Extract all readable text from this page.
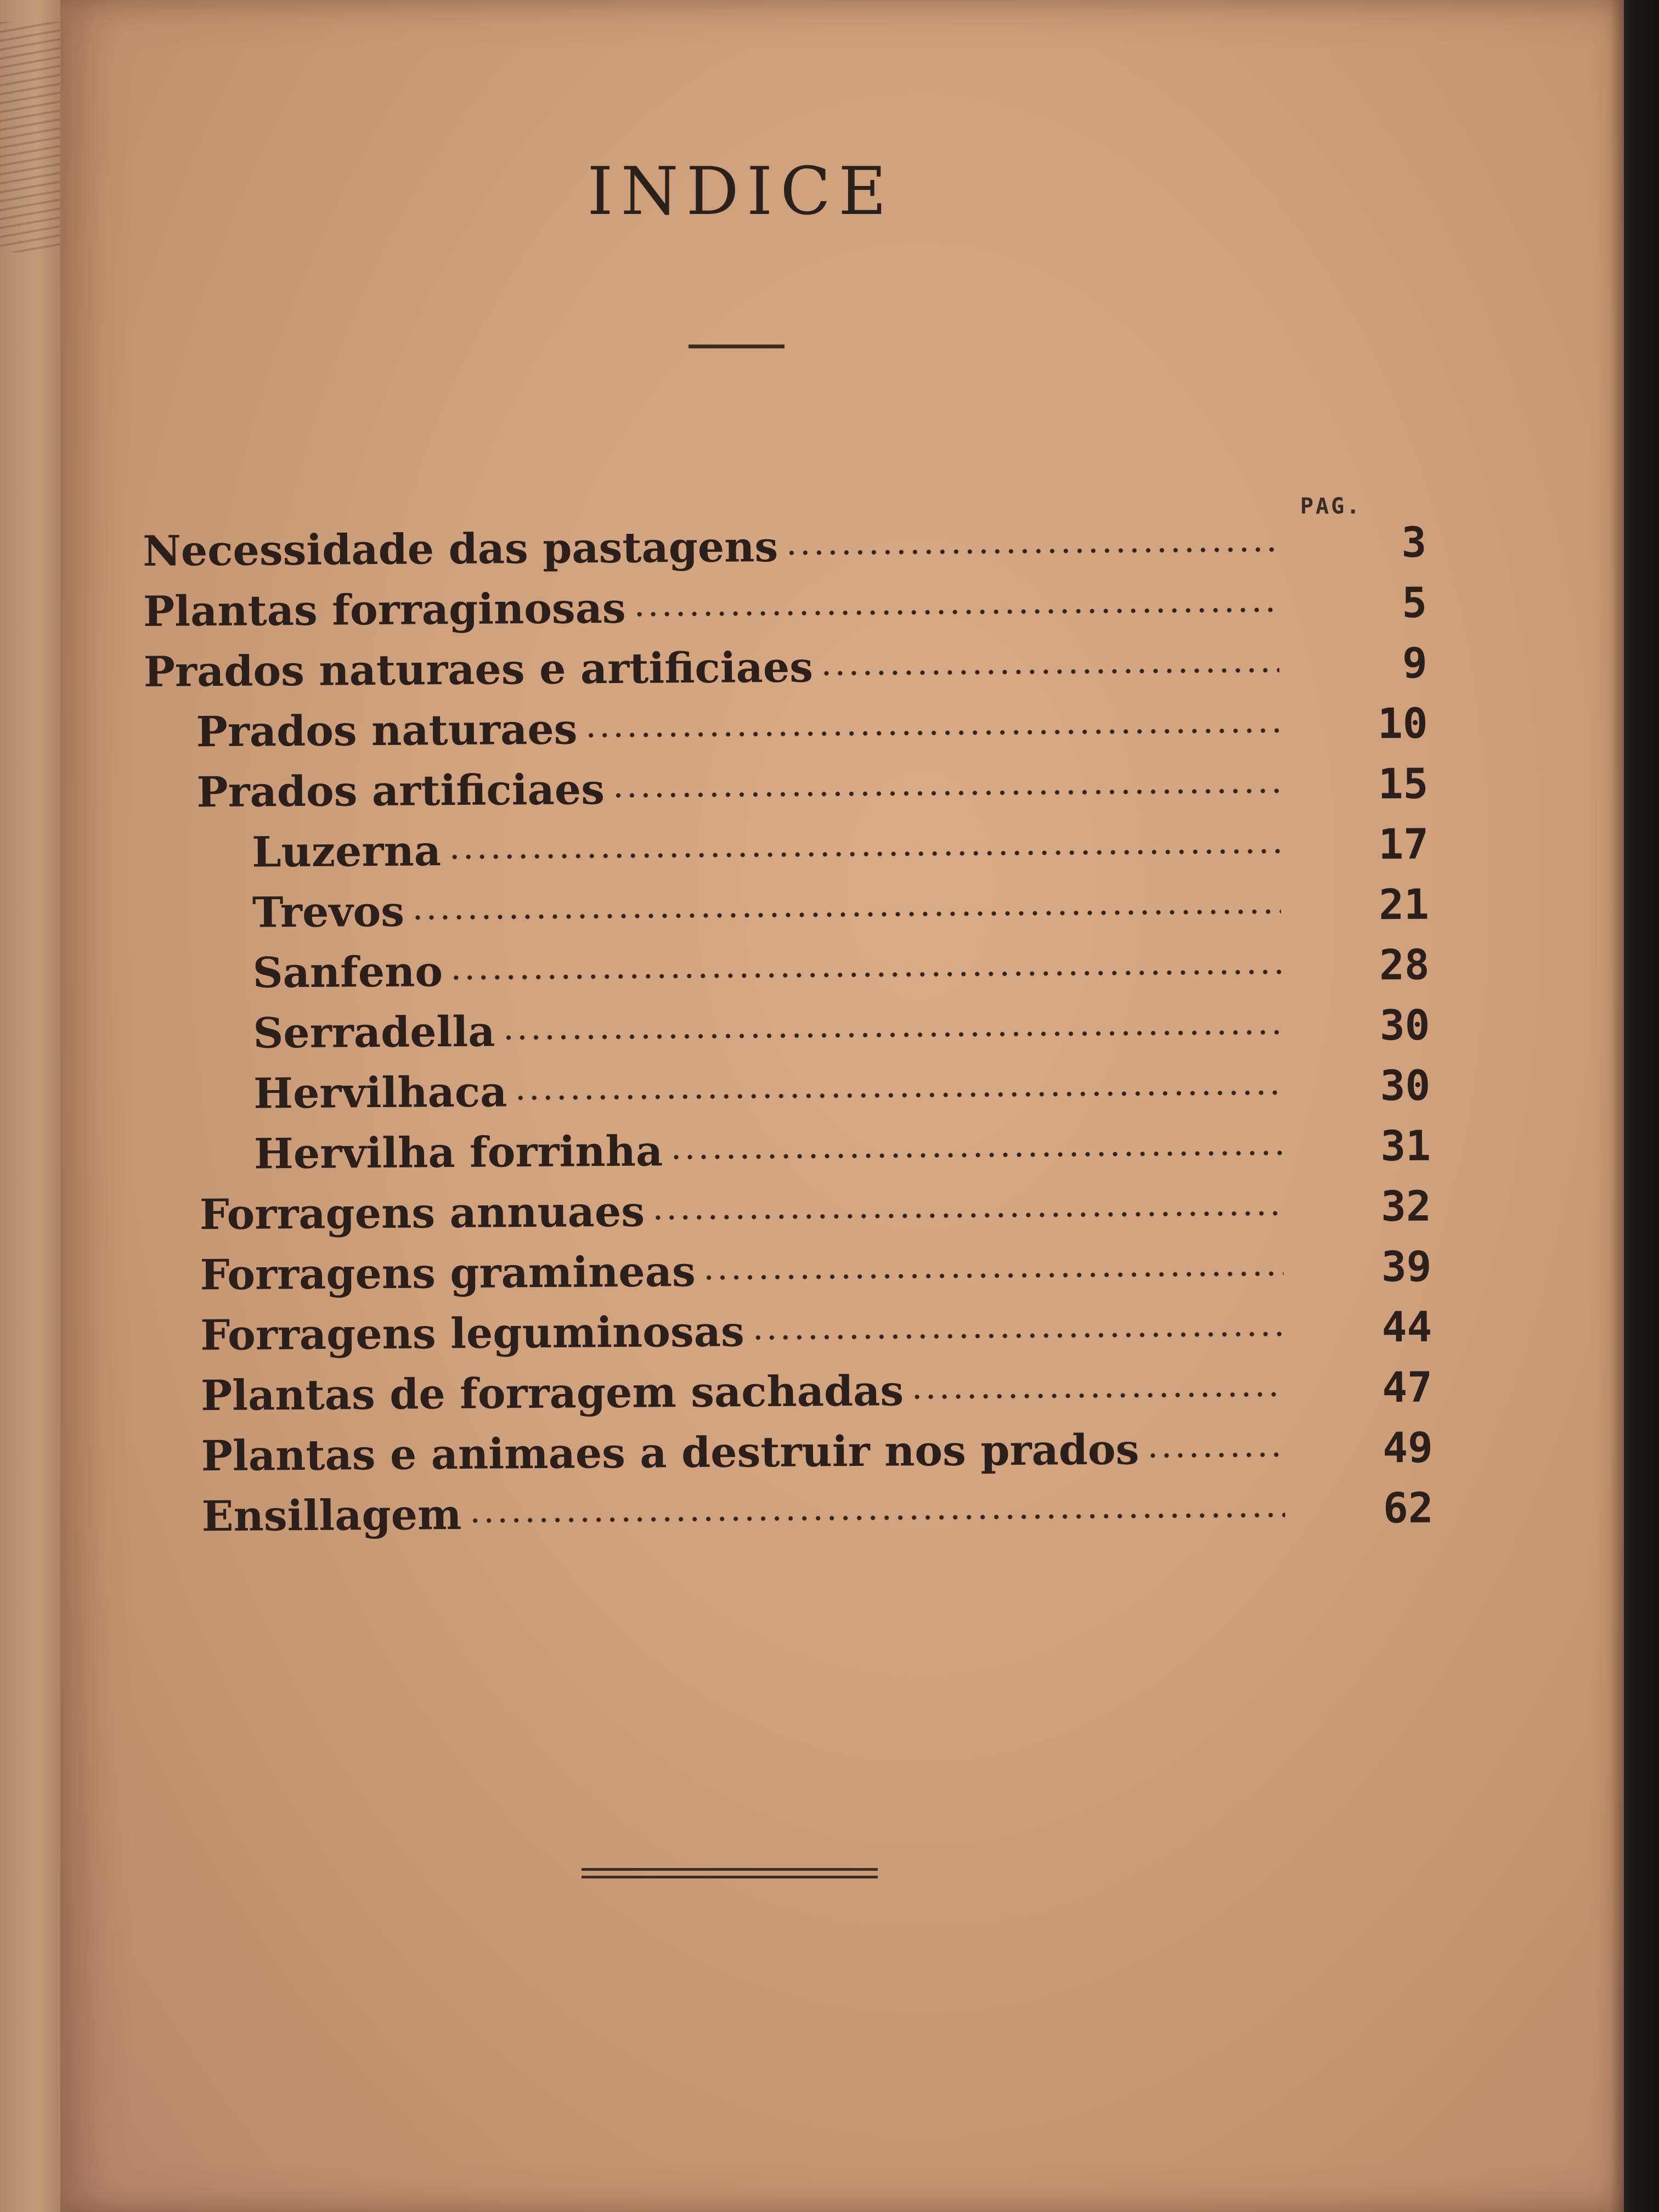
INDICE
PAG.
Necessidade das pastagens	3
Plantas forraginosas	5
Prados naturaes e artificiaes	9
Prados naturaes	10
Prados artificiaes	15
Luzerna	17
Trevos	21
Sanfeno	28
Serradella	30
Hervilhaca	30
Hervilha forrinha	31
Forragens annuaes	32
Forragens gramineas	39
Forragens leguminosas	44
Plantas de forragem sachadas	47
Plantas e animaes a destruir nos prados	49
Ensillagem	62
